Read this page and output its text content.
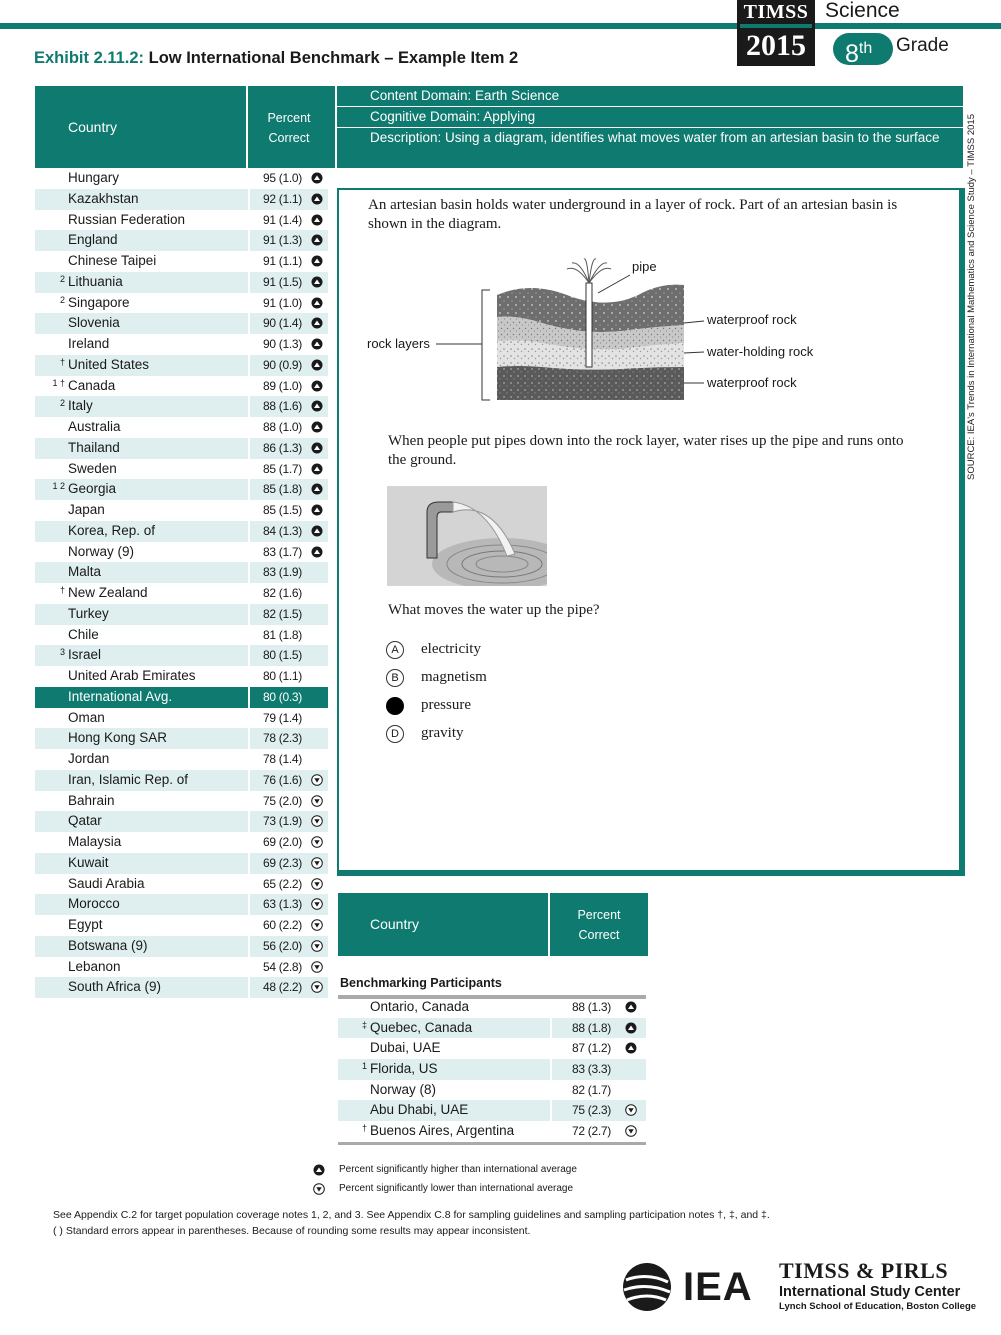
Exhibit 2.11.2: Low International Benchmark – Example Item 2
TIMSS
2015
Science
8th	Grade
SOURCE: IEA's Trends in International Mathematics and Science Study – TIMSS 2015
Country
Percent
Correct
Hungary	95 (1.0)
Kazakhstan	92 (1.1)
Russian Federation	91 (1.4)
England	91 (1.3)
Chinese Taipei	91 (1.1)
2 Lithuania	91 (1.5)
2 Singapore	91 (1.0)
Slovenia	90 (1.4)
Ireland	90 (1.3)
† United States	90 (0.9)
1 † Canada	89 (1.0)
2 Italy	88 (1.6)
Australia	88 (1.0)
Thailand	86 (1.3)
Sweden	85 (1.7)
1 2 Georgia	85 (1.8)
Japan	85 (1.5)
Korea, Rep. of	84 (1.3)
Norway (9)	83 (1.7)
Malta	83 (1.9)
† New Zealand	82 (1.6)
Turkey	82 (1.5)
Chile	81 (1.8)
3 Israel	80 (1.5)
United Arab Emirates	80 (1.1)
International Avg.	80 (0.3)
Oman	79 (1.4)
Hong Kong SAR	78 (2.3)
Jordan	78 (1.4)
Iran, Islamic Rep. of	76 (1.6)
Bahrain	75 (2.0)
Qatar	73 (1.9)
Malaysia	69 (2.0)
Kuwait	69 (2.3)
Saudi Arabia	65 (2.2)
Morocco	63 (1.3)
Egypt	60 (2.2)
Botswana (9)	56 (2.0)
Lebanon	54 (2.8)
South Africa (9)	48 (2.2)
Content Domain: Earth Science
Cognitive Domain: Applying
Description: Using a diagram, identifies what moves water from an artesian basin to the surface
An artesian basin holds water underground in a layer of rock. Part of an artesian basin is shown in the diagram.
pipe
rock layers
waterproof rock
water-holding rock
waterproof rock
When people put pipes down into the rock layer, water rises up the pipe and runs onto the ground.
What moves the water up the pipe?
A	electricity
B	magnetism
pressure
D	gravity
Country
Percent
Correct
Benchmarking Participants
Ontario, Canada	88 (1.3)
‡ Quebec, Canada	88 (1.8)
Dubai, UAE	87 (1.2)
1 Florida, US	83 (3.3)
Norway (8)	82 (1.7)
Abu Dhabi, UAE	75 (2.3)
† Buenos Aires, Argentina	72 (2.7)
Percent significantly higher than international average
Percent significantly lower than international average
See Appendix C.2 for target population coverage notes 1, 2, and 3. See Appendix C.8 for sampling guidelines and sampling participation notes †, ‡, and ‡.
( ) Standard errors appear in parentheses. Because of rounding some results may appear inconsistent.
IEA TIMSS & PIRLS
International Study Center
Lynch School of Education, Boston College
